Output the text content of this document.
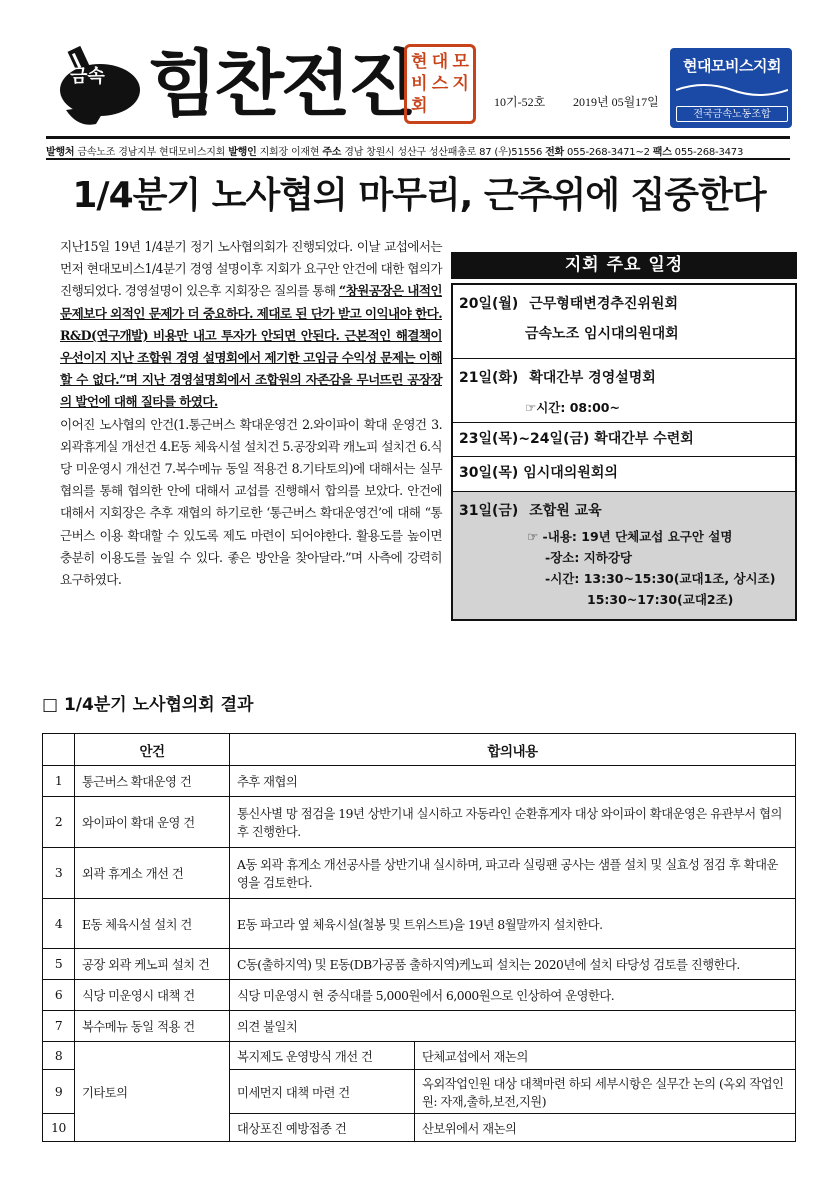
금속 힘찬전진
현 대 모
비 스 지
회	10기-52호 2019년 05월17일
현대모비스지회
전국금속노동조합
발행처 금속노조 경남지부 현대모비스지회 발행인 지회장 이재현 주소 경남 창원시 성산구 성산패총로 87 (우)51556 전화 055-268-3471~2 팩스 055-268-3473
1/4분기 노사협의 마무리, 근추위에 집중한다
지난15일 19년 1/4분기 정기 노사협의회가 진행되었다. 이날 교섭에서는 먼저 현대모비스1/4분기 경영 설명이후 지회가 요구안 안건에 대한 협의가 진행되었다. 경영설명이 있은후 지회장은 질의를 통해 “창원공장은 내적인 문제보다 외적인 문제가 더 중요하다. 제대로 된 단가 받고 이익내야 한다. R&D(연구개발) 비용만 내고 투자가 안되면 안된다. 근본적인 해결책이 우선이지 지난 조합원 경영 설명회에서 제기한 고임금 수익성 문제는 이해할 수 없다.”며 지난 경영설명회에서 조합원의 자존감을 무너뜨린 공장장의 발언에 대해 질타를 하였다.
이어진 노사협의 안건(1.통근버스 확대운영건 2.와이파이 확대 운영건 3.외곽휴게실 개선건 4.E동 체육시설 설치건 5.공장외곽 캐노피 설치건 6.식당 미운영시 개선건 7.복수메뉴 동일 적용건 8.기타토의)에 대해서는 실무협의를 통해 협의한 안에 대해서 교섭를 진행해서 합의를 보았다. 안건에 대해서 지회장은 추후 재협의 하기로한 ‘통근버스 확대운영건’에 대해 “통근버스 이용 확대할 수 있도록 제도 마련이 되어야한다. 활용도를 높이면 충분히 이용도를 높일 수 있다. 좋은 방안을 찾아달라.”며 사측에 강력히 요구하였다.
지회 주요 일정
20일(월) 근무형태변경추진위원회
금속노조 임시대의원대회
21일(화) 확대간부 경영설명회
☞시간: 08:00~
23일(목)~24일(금) 확대간부 수련회
30일(목) 임시대의원회의
31일(금) 조합원 교육
☞ -내용: 19년 단체교섭 요구안 설명
-장소: 지하강당
-시간: 13:30~15:30(교대1조, 상시조)
15:30~17:30(교대2조)
□ 1/4분기 노사협의회 결과
	안건	합의내용	
1	통근버스 확대운영 건	추후 재협의	
2	와이파이 확대 운영 건	통신사별 망 점검을 19년 상반기내 실시하고 자동라인 순환휴게자 대상 와이파이 확대운영은 유관부서 협의후 진행한다.	
3	외곽 휴게소 개선 건	A동 외곽 휴게소 개선공사를 상반기내 실시하며, 파고라 실링팬 공사는 샘플 설치 및 실효성 점검 후 확대운영을 검토한다.	
4	E동 체육시설 설치 건	E동 파고라 옆 체육시설(철봉 및 트위스트)을 19년 8월말까지 설치한다.	
5	공장 외곽 케노피 설치 건	C동(출하지역) 및 E동(DB가공품 출하지역)케노피 설치는 2020년에 설치 타당성 검토를 진행한다.	
6	식당 미운영시 대책 건	식당 미운영시 현 중식대를 5,000원에서 6,000원으로 인상하여 운영한다.	
7	복수메뉴 동일 적용 건	의견 불일치	
8	기타토의	복지제도 운영방식 개선 건	단체교섭에서 재논의
9		미세먼지 대책 마련 건	옥외작업인원 대상 대책마련 하되 세부시항은 실무간 논의 (옥외 작업인원: 자재,출하,보전,지원)
10		대상포진 예방접종 건	산보위에서 재논의
